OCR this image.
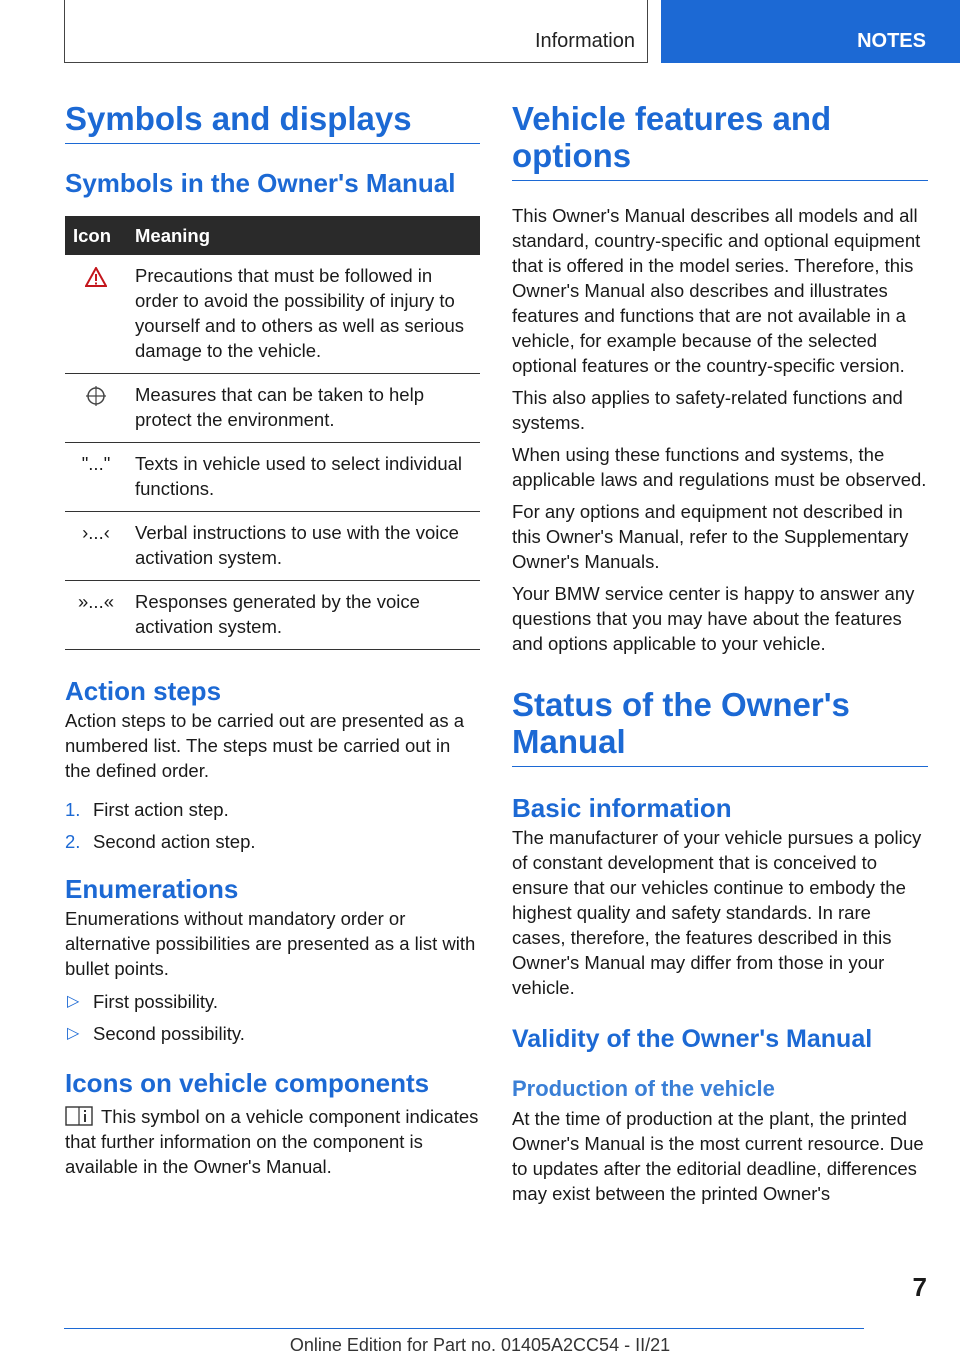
Information	NOTES
Symbols and displays
Symbols in the Owner's Manual
Icon	Meaning
	Precautions that must be followed in order to avoid the possibility of injury to yourself and to others as well as serious damage to the vehicle.
	Measures that can be taken to help protect the environment.
"..."	Texts in vehicle used to select individual functions.
›...‹	Verbal instructions to use with the voice activation system.
»...«	Responses generated by the voice activation system.
Action steps

Action steps to be carried out are presented as a numbered list. The steps must be carried out in the defined order.

1. First action step.
2. Second action step.
Enumerations

Enumerations without mandatory order or alternative possibilities are presented as a list with bullet points.

▷ First possibility.
▷ Second possibility.
Icons on vehicle components

This symbol on a vehicle component indicates that further information on the component is available in the Owner's Manual.

Vehicle features and options

This Owner's Manual describes all models and all standard, country-specific and optional equipment that is offered in the model series. Therefore, this Owner's Manual also describes and illustrates features and functions that are not available in a vehicle, for example because of the selected optional features or the country-specific version.

This also applies to safety-related functions and systems.

When using these functions and systems, the applicable laws and regulations must be observed.

For any options and equipment not described in this Owner's Manual, refer to the Supplementary Owner's Manuals.

Your BMW service center is happy to answer any questions that you may have about the features and options applicable to your vehicle.

Status of the Owner's Manual
Basic information

The manufacturer of your vehicle pursues a policy of constant development that is conceived to ensure that our vehicles continue to embody the highest quality and safety standards. In rare cases, therefore, the features described in this Owner's Manual may differ from those in your vehicle.

Validity of the Owner's Manual
Production of the vehicle

At the time of production at the plant, the printed Owner's Manual is the most current resource. Due to updates after the editorial deadline, differences may exist between the printed Owner's

7
Online Edition for Part no. 01405A2CC54 - II/21
